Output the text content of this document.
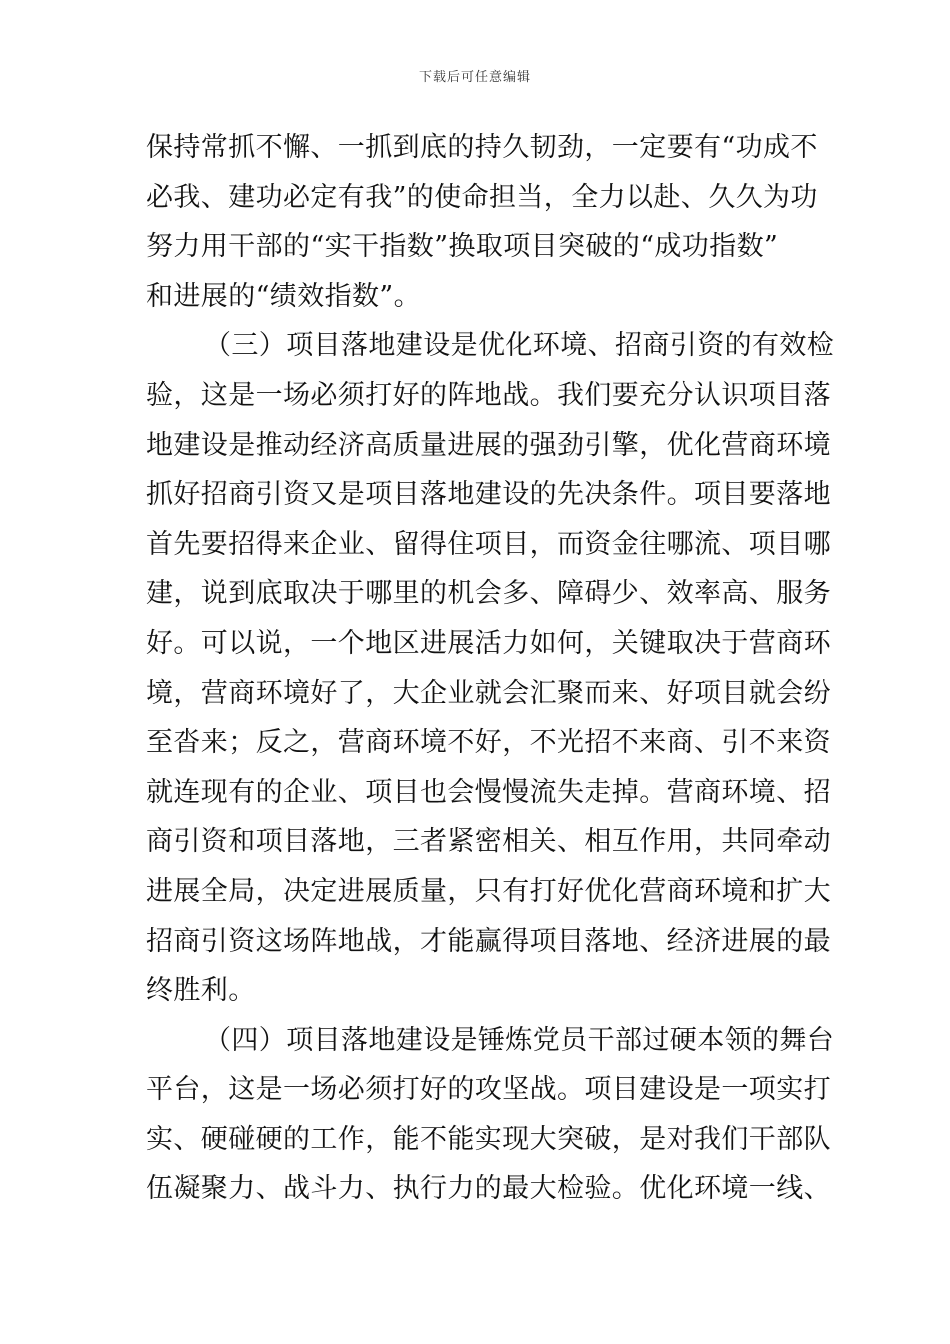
下载后可任意编辑
保持常抓不懈、一抓到底的持久韧劲，一定要有“功成不
必我、建功必定有我”的使命担当，全力以赴、久久为功
努力用干部的“实干指数”换取项目突破的“成功指数”
和进展的“绩效指数”。
（三）项目落地建设是优化环境、招商引资的有效检
验，这是一场必须打好的阵地战。我们要充分认识项目落
地建设是推动经济高质量进展的强劲引擎，优化营商环境
抓好招商引资又是项目落地建设的先决条件。项目要落地
首先要招得来企业、留得住项目，而资金往哪流、项目哪
建，说到底取决于哪里的机会多、障碍少、效率高、服务
好。可以说，一个地区进展活力如何，关键取决于营商环
境，营商环境好了，大企业就会汇聚而来、好项目就会纷
至沓来；反之，营商环境不好，不光招不来商、引不来资
就连现有的企业、项目也会慢慢流失走掉。营商环境、招
商引资和项目落地，三者紧密相关、相互作用，共同牵动
进展全局，决定进展质量，只有打好优化营商环境和扩大
招商引资这场阵地战，才能赢得项目落地、经济进展的最
终胜利。
（四）项目落地建设是锤炼党员干部过硬本领的舞台
平台，这是一场必须打好的攻坚战。项目建设是一项实打
实、硬碰硬的工作，能不能实现大突破，是对我们干部队
伍凝聚力、战斗力、执行力的最大检验。优化环境一线、
